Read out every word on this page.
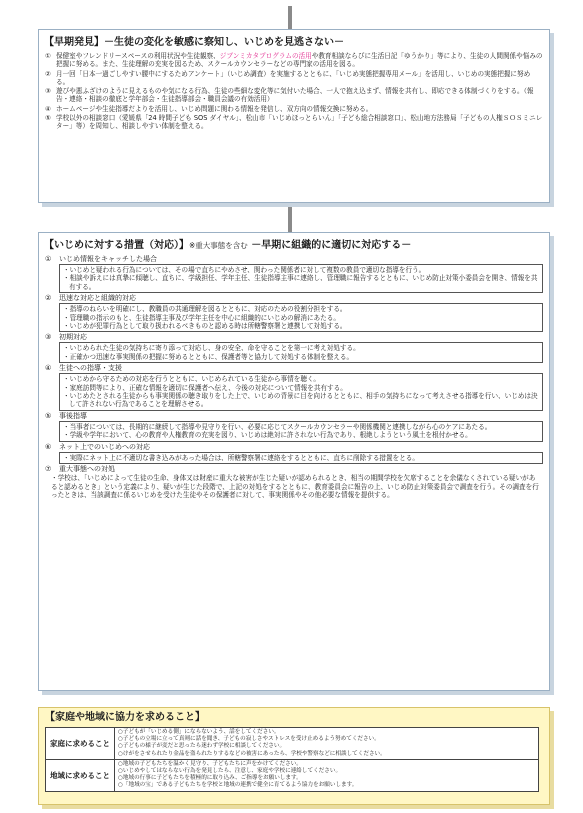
【早期発見】－生徒の変化を敏感に察知し、いじめを見逃さない－
① 保健室やフレンドリースペースの利用状況や生徒観察、ジブンミカタプログラムの活用や教育相談ならびに生活日記「ゆうかり」等により、生徒の人間関係や悩みの把握に努める。また、生徒理解の充実を図るため、スクールカウンセラーなどの専門家の活用を図る。
② 月一回「日本一過ごしやすい腰中にするためアンケート」（いじめ調査）を実施するとともに、「いじめ実態把握専用メール」を活用し、いじめの実態把握に努める。
③ 遊びや悪ふざけのように見えるものや気になる行為、生徒の些細な変化等に気付いた場合、一人で抱え込まず、情報を共有し、即応できる体制づくりをする。（報告・連絡・相談の徹底と学年部会・生徒指導部会・職員会議の有効活用）
④ ホームページや生徒指導だよりを活用し、いじめ問題に関わる情報を発信し、双方向の情報交換に努める。
⑤ 学校以外の相談窓口（愛媛県「24 時間子ども SOS ダイヤル」、松山市「いじめほっとらいん」「子ども総合相談窓口」、松山地方法務局「子どもの人権ＳＯＳミニレター」等）を周知し、相談しやすい体制を整える。
【いじめに対する措置（対応）】※重大事態を含む －早期に組織的に適切に対応する－
①	いじめ情報をキャッチした場合
・いじめと疑われる行為については、その場で直ちにやめさせ、関わった関係者に対して複数の教員で適切な指導を行う。
・相談や訴えには真摯に傾聴し、直ちに、学級担任、学年主任、生徒指導主事に連絡し、管理職に報告するとともに、いじめ防止対策小委員会を開き、情報を共有する。
②	迅速な対応と組織的対応
・指導のねらいを明確にし、教職員の共通理解を図るとともに、対応のための役割分担をする。
・管理職の指示のもと、生徒指導主事及び学年主任を中心に組織的にいじめの解消にあたる。
・いじめが犯罪行為として取り扱われるべきものと認める時は所轄警察署と連携して対処する。
③	初期対応
・いじめられた生徒の気持ちに寄り添って対応し、身の安全、命を守ることを第一に考え対処する。
・正確かつ迅速な事実関係の把握に努めるとともに、保護者等と協力して対処する体制を整える。
④	生徒への指導・支援
・いじめから守るための対応を行うとともに、いじめられている生徒から事情を聴く。
・家庭訪問等により、正確な情報を適切に保護者へ伝え、今後の対応について情報を共有する。
・いじめたとされる生徒からも事実関係の聴き取りをした上で、いじめの背景に目を向けるとともに、相手の気持ちになって考えさせる指導を行い、いじめは決して許されない行為であることを理解させる。
⑤	事後指導
・当事者については、長期的に継続して指導や見守りを行い、必要に応じてスクールカウンセラーや関係機関と連携しながら心のケアにあたる。
・学級や学年において、心の教育や人権教育の充実を図り、いじめは絶対に許されない行為であり、根絶しようという風土を根付かせる。
⑥	ネット上でのいじめへの対応
・実際にネット上に不適切な書き込みがあった場合は、所轄警察署に連絡をするとともに、直ちに削除する措置をとる。
⑦	重大事態への対処
・学校は、「いじめによって生徒の生命、身体又は財産に重大な被害が生じた疑いが認められるとき、相当の期間学校を欠席することを余儀なくされている疑いがあると認めるとき」という定義により、疑いが生じた段階で、上記の対処をするとともに、教育委員会に報告の上、いじめ防止対策委員会で調査を行う。その調査を行ったときは、当該調査に係るいじめを受けた生徒やその保護者に対して、事実関係やその他必要な情報を提供する。
【家庭や地域に協力を求めること】
家庭に求めること	○子どもが「いじめる側」にならないよう、話をしてください。
○子どもの立場に立って真剣に話を聞き、子どもの寂しさやストレスを受け止めるよう努めてください。
○子どもの様子が変だと思ったら迷わず学校に相談してください。
○けがをさせられたり金品を盗られたりするなどの被害にあったら、学校や警察などに相談してください。

地域に求めること	○地域の子どもたちを温かく見守り、子どもたちに声をかけてください。
○いじめやしてはならない行為を発見したら、注意し、家庭や学校に連絡してください。
○地域の行事に子どもたちを積極的に取り込み、ご指導をお願いします。
○「地域の宝」である子どもたちを学校と地域の連携で健全に育てるよう協力をお願いします。
